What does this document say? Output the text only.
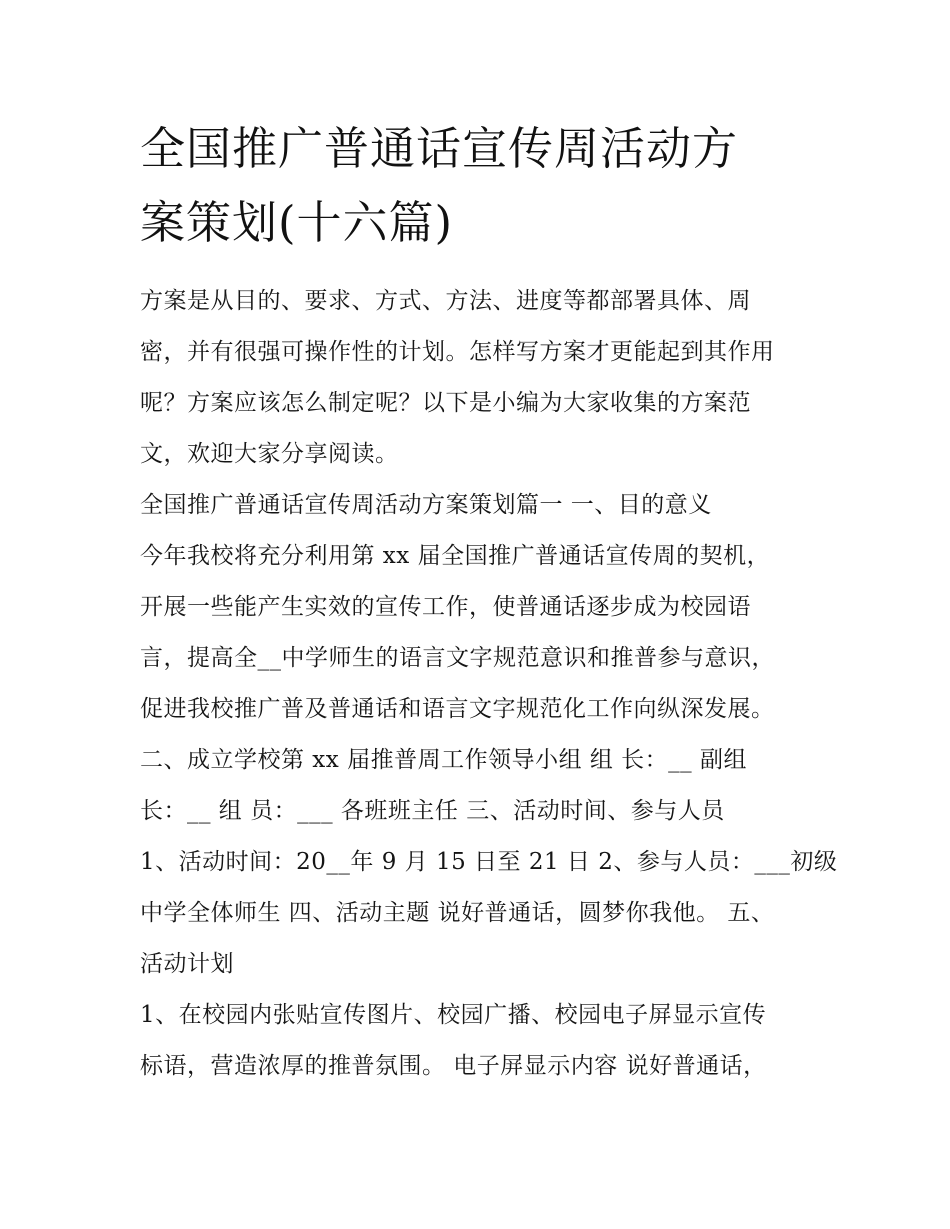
全国推广普通话宣传周活动方
案策划(十六篇)

方案是从目的、要求、方式、方法、进度等都部署具体、周

密，并有很强可操作性的计划。怎样写方案才更能起到其作用

呢？方案应该怎么制定呢？以下是小编为大家收集的方案范

文，欢迎大家分享阅读。

全国推广普通话宣传周活动方案策划篇一 一、目的意义

今年我校将充分利用第 xx 届全国推广普通话宣传周的契机，

开展一些能产生实效的宣传工作，使普通话逐步成为校园语

言，提高全__中学师生的语言文字规范意识和推普参与意识，

促进我校推广普及普通话和语言文字规范化工作向纵深发展。

二、成立学校第 xx 届推普周工作领导小组 组 长：__ 副组

长：__ 组 员：___ 各班班主任 三、活动时间、参与人员

1、活动时间：20__年 9 月 15 日至 21 日 2、参与人员：___初级

中学全体师生 四、活动主题 说好普通话，圆梦你我他。 五、

活动计划

1、在校园内张贴宣传图片、校园广播、校园电子屏显示宣传

标语，营造浓厚的推普氛围。 电子屏显示内容 说好普通话，
